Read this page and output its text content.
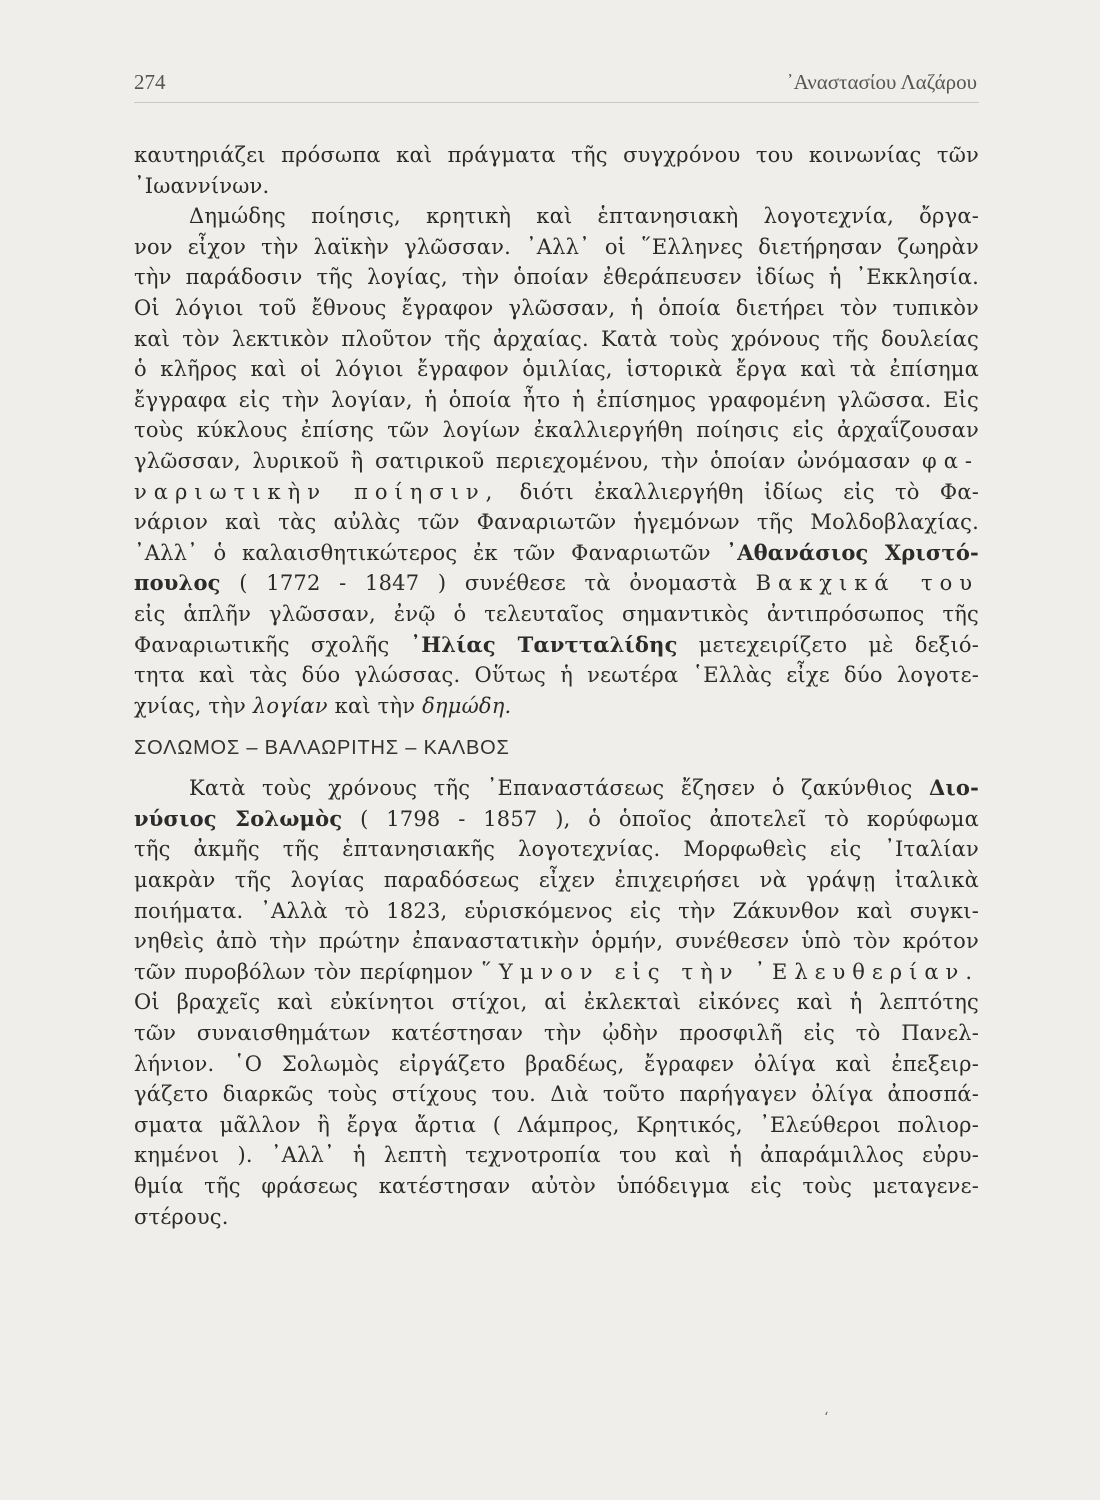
274	᾿Αναστασίου Λαζάρου
καυτηριάζει πρόσωπα καὶ πράγματα τῆς συγχρόνου του κοινωνίας τῶν
᾿Ιωαννίνων.
Δημώδης ποίησις, κρητικὴ καὶ ἑπτανησιακὴ λογοτεχνία, ὄργα-
νον εἶχον τὴν λαϊκὴν γλῶσσαν. ᾿Αλλ᾿ οἱ ῞Ελληνες διετήρησαν ζωηρὰν
τὴν παράδοσιν τῆς λογίας, τὴν ὁποίαν ἐθεράπευσεν ἰδίως ἡ ᾿Εκκλησία.
Οἱ λόγιοι τοῦ ἔθνους ἔγραφον γλῶσσαν, ἡ ὁποία διετήρει τὸν τυπικὸν
καὶ τὸν λεκτικὸν πλοῦτον τῆς ἀρχαίας. Κατὰ τοὺς χρόνους τῆς δουλείας
ὁ κλῆρος καὶ οἱ λόγιοι ἔγραφον ὁμιλίας, ἱστορικὰ ἔργα καὶ τὰ ἐπίσημα
ἔγγραφα εἰς τὴν λογίαν, ἡ ὁποία ἦτο ἡ ἐπίσημος γραφομένη γλῶσσα. Εἰς
τοὺς κύκλους ἐπίσης τῶν λογίων ἐκαλλιεργήθη ποίησις εἰς ἀρχαΐζουσαν
γλῶσσαν, λυρικοῦ ἢ σατιρικοῦ περιεχομένου, τὴν ὁποίαν ὠνόμασαν φα-
ναριωτικὴν ποίησιν, διότι ἐκαλλιεργήθη ἰδίως εἰς τὸ Φα-
νάριον καὶ τὰς αὐλὰς τῶν Φαναριωτῶν ἡγεμόνων τῆς Μολδοβλαχίας.
᾿Αλλ᾿ ὁ καλαισθητικώτερος ἐκ τῶν Φαναριωτῶν ᾿Αθανάσιος Χριστό-
πουλος ( 1772 - 1847 ) συνέθεσε τὰ ὀνομαστὰ Βακχικά του
εἰς ἁπλῆν γλῶσσαν, ἐνῷ ὁ τελευταῖος σημαντικὸς ἀντιπρόσωπος τῆς
Φαναριωτικῆς σχολῆς ᾿Ηλίας Ταντταλίδης μετεχειρίζετο μὲ δεξιό-
τητα καὶ τὰς δύο γλώσσας. Οὕτως ἡ νεωτέρα ῾Ελλὰς εἶχε δύο λογοτε-
χνίας, τὴν λογίαν καὶ τὴν δημώδη.
ΣΟΛΩΜΟΣ – ΒΑΛΑΩΡΙΤΗΣ – ΚΑΛΒΟΣ
Κατὰ τοὺς χρόνους τῆς ᾿Επαναστάσεως ἔζησεν ὁ ζακύνθιος Διο-
νύσιος Σολωμὸς ( 1798 - 1857 ), ὁ ὁποῖος ἀποτελεῖ τὸ κορύφωμα
τῆς ἀκμῆς τῆς ἑπτανησιακῆς λογοτεχνίας. Μορφωθεὶς εἰς ᾿Ιταλίαν
μακρὰν τῆς λογίας παραδόσεως εἶχεν ἐπιχειρήσει νὰ γράψῃ ἰταλικὰ
ποιήματα. ᾿Αλλὰ τὸ 1823, εὑρισκόμενος εἰς τὴν Ζάκυνθον καὶ συγκι-
νηθεὶς ἀπὸ τὴν πρώτην ἐπαναστατικὴν ὁρμήν, συνέθεσεν ὑπὸ τὸν κρότον
τῶν πυροβόλων τὸν περίφημον ῞Υμνον εἰς τὴν ᾿Ελευθερίαν.
Οἱ βραχεῖς καὶ εὐκίνητοι στίχοι, αἱ ἐκλεκταὶ εἰκόνες καὶ ἡ λεπτότης
τῶν συναισθημάτων κατέστησαν τὴν ᾠδὴν προσφιλῆ εἰς τὸ Πανελ-
λήνιον. ῾Ο Σολωμὸς εἰργάζετο βραδέως, ἔγραφεν ὀλίγα καὶ ἐπεξειρ-
γάζετο διαρκῶς τοὺς στίχους του. Διὰ τοῦτο παρήγαγεν ὀλίγα ἀποσπά-
σματα μᾶλλον ἢ ἔργα ἄρτια ( Λάμπρος, Κρητικός, ᾿Ελεύθεροι πολιορ-
κημένοι ). ᾿Αλλ᾿ ἡ λεπτὴ τεχνοτροπία του καὶ ἡ ἀπαράμιλλος εὐρυ-
θμία τῆς φράσεως κατέστησαν αὐτὸν ὑπόδειγμα εἰς τοὺς μεταγενε-
στέρους.
‘
